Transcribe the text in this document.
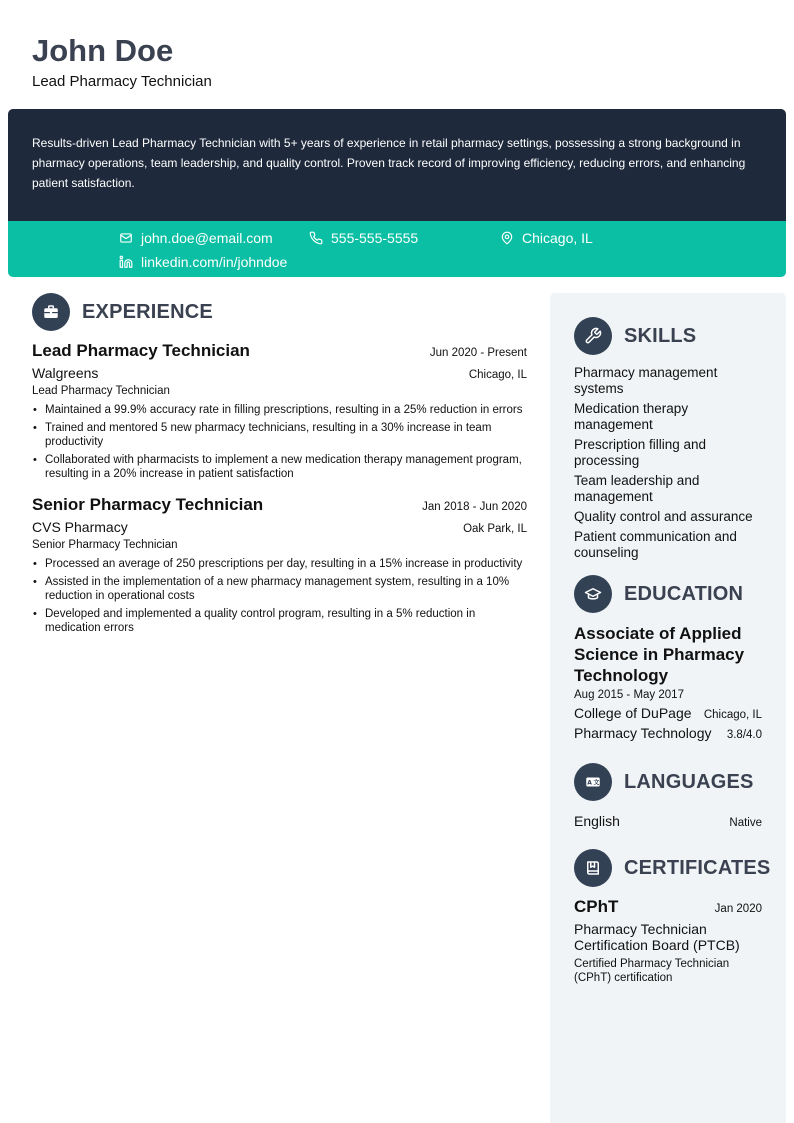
John Doe
Lead Pharmacy Technician

Results-driven Lead Pharmacy Technician with 5+ years of experience in retail pharmacy settings, possessing a strong background in pharmacy operations, team leadership, and quality control. Proven track record of improving efficiency, reducing errors, and enhancing patient satisfaction.

john.doe@email.com	555-555-5555	Chicago, IL
linkedin.com/in/johndoe
EXPERIENCE
Lead Pharmacy Technician	Jun 2020 - Present
Walgreens	Chicago, IL
Lead Pharmacy Technician
• Maintained a 99.9% accuracy rate in filling prescriptions, resulting in a 25% reduction in errors
• Trained and mentored 5 new pharmacy technicians, resulting in a 30% increase in team productivity
• Collaborated with pharmacists to implement a new medication therapy management program, resulting in a 20% increase in patient satisfaction
Senior Pharmacy Technician	Jan 2018 - Jun 2020
CVS Pharmacy	Oak Park, IL
Senior Pharmacy Technician
• Processed an average of 250 prescriptions per day, resulting in a 15% increase in productivity
• Assisted in the implementation of a new pharmacy management system, resulting in a 10% reduction in operational costs
• Developed and implemented a quality control program, resulting in a 5% reduction in medication errors
SKILLS
Pharmacy management systems
Medication therapy management
Prescription filling and processing
Team leadership and management
Quality control and assurance
Patient communication and counseling
EDUCATION
Associate of Applied Science in Pharmacy Technology
Aug 2015 - May 2017
College of DuPage Chicago, IL
Pharmacy Technology 3.8/4.0
A 文 LANGUAGES
English	Native
CERTIFICATES
CPhT	Jan 2020
Pharmacy Technician Certification Board (PTCB)
Certified Pharmacy Technician (CPhT) certification
